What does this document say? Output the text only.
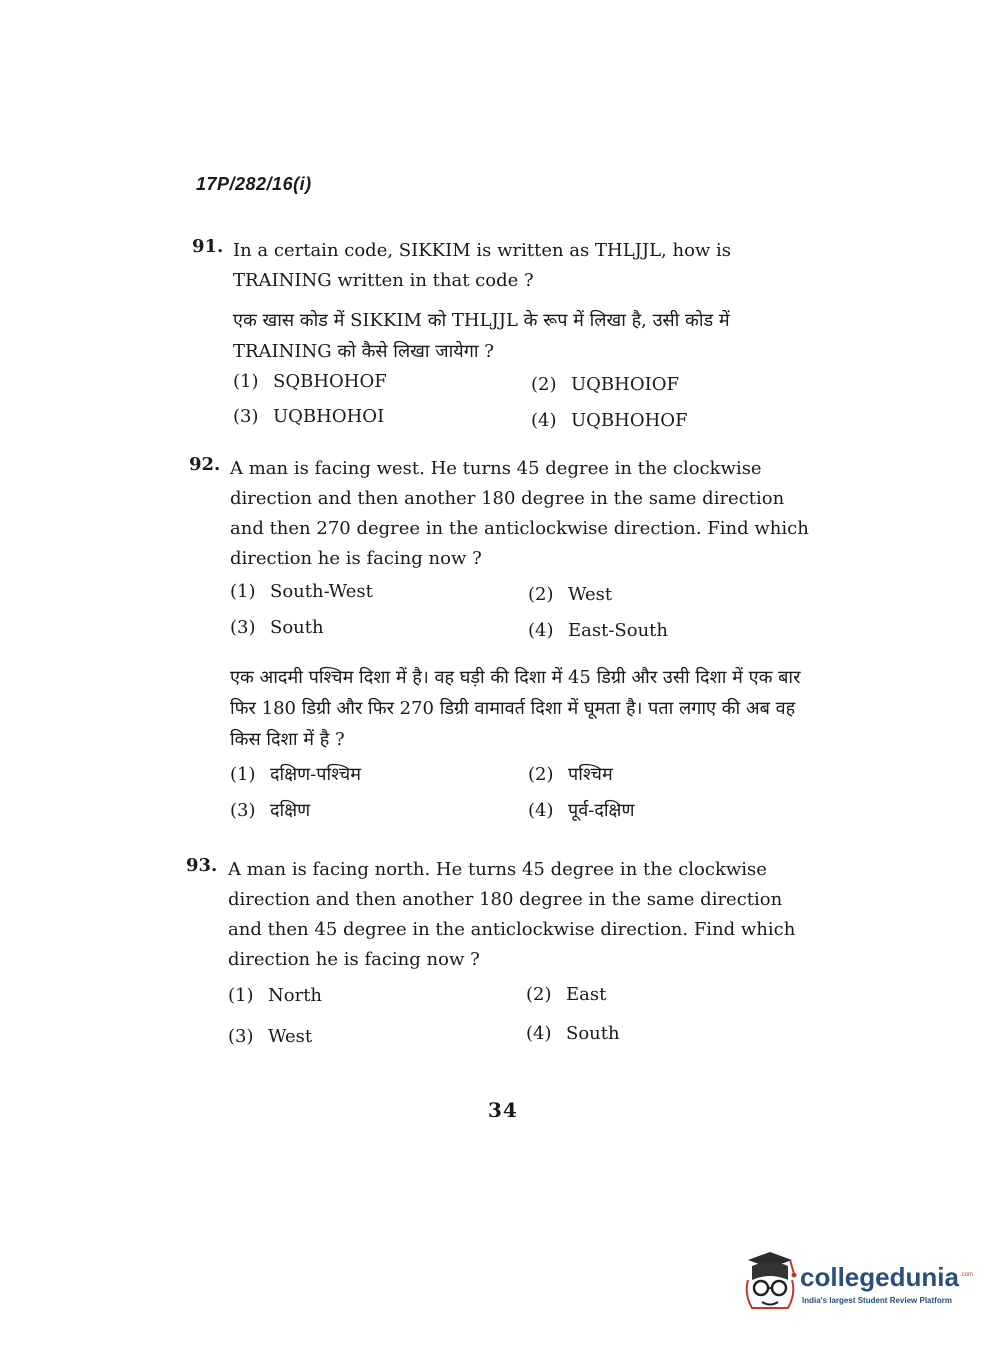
17P/282/16(i)
91. In a certain code, SIKKIM is written as THLJJL, how is TRAINING written in that code ?
एक खास कोड में SIKKIM को THLJJL के रूप में लिखा है, उसी कोड में TRAINING को कैसे लिखा जायेगा ?
(1) SQBHOHOF	(2) UQBHOIOF
(3) UQBHOHOI	(4) UQBHOHOF
92. A man is facing west. He turns 45 degree in the clockwise direction and then another 180 degree in the same direction and then 270 degree in the anticlockwise direction. Find which direction he is facing now ?
(1) South-West	(2) West
(3) South	(4) East-South
एक आदमी पश्चिम दिशा में है। वह घड़ी की दिशा में 45 डिग्री और उसी दिशा में एक बार फिर 180 डिग्री और फिर 270 डिग्री वामावर्त दिशा में घूमता है। पता लगाए की अब वह किस दिशा में है ?
(1) दक्षिण-पश्चिम	(2) पश्चिम
(3) दक्षिण	(4) पूर्व-दक्षिण
93. A man is facing north. He turns 45 degree in the clockwise direction and then another 180 degree in the same direction and then 45 degree in the anticlockwise direction. Find which direction he is facing now ?
(1) North	(2) East
(3) West	(4) South
34
collegedunia .com
India's largest Student Review Platform
